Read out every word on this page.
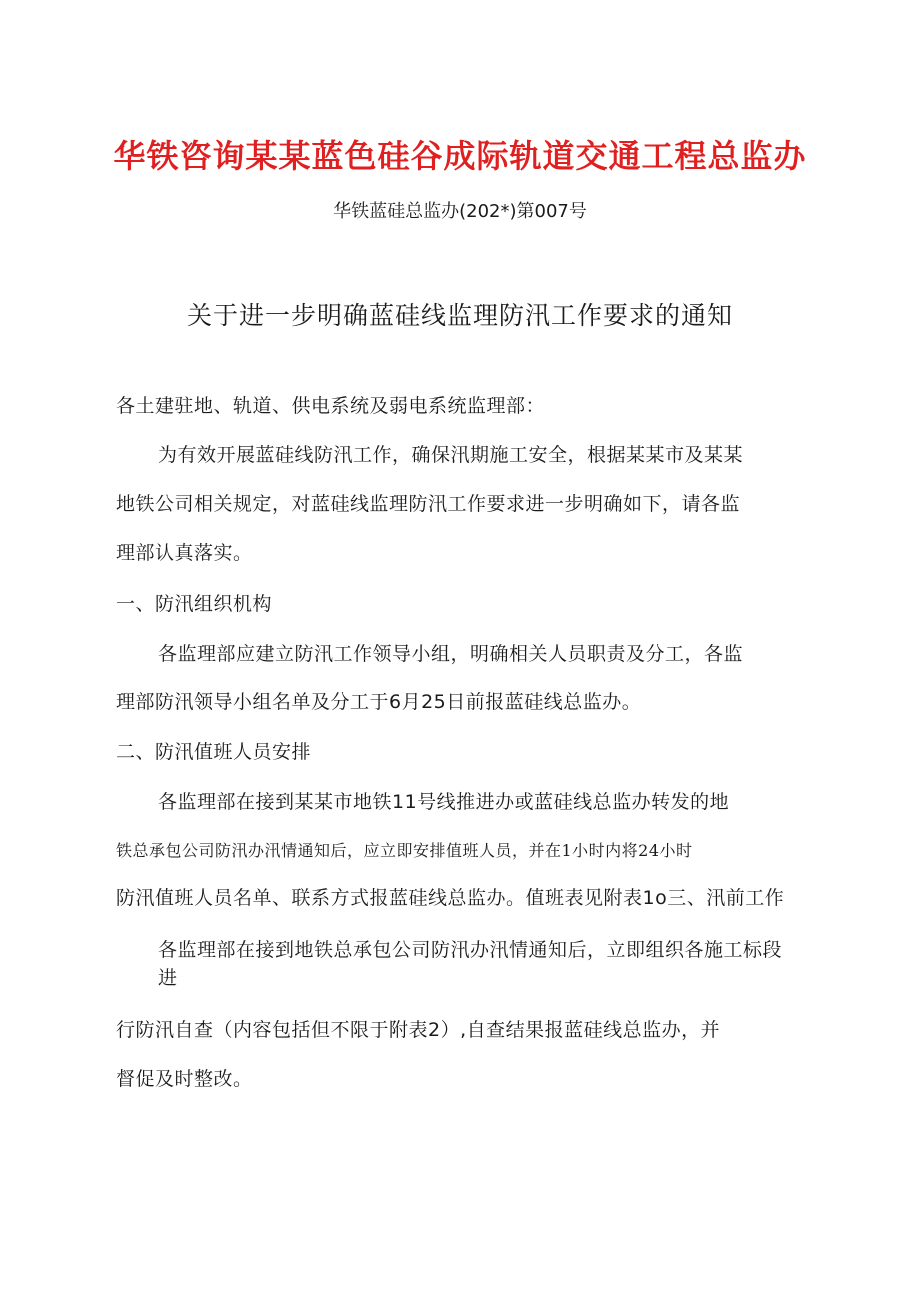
华铁咨询某某蓝色硅谷成际轨道交通工程总监办
华铁蓝硅总监办(202*)第007号
关于进一步明确蓝硅线监理防汛工作要求的通知
各土建驻地、轨道、供电系统及弱电系统监理部：
为有效开展蓝硅线防汛工作，确保汛期施工安全，根据某某市及某某
地铁公司相关规定，对蓝硅线监理防汛工作要求进一步明确如下，请各监
理部认真落实。
一、防汛组织机构
各监理部应建立防汛工作领导小组，明确相关人员职责及分工，各监
理部防汛领导小组名单及分工于6月25日前报蓝硅线总监办。
二、防汛值班人员安排
各监理部在接到某某市地铁11号线推进办或蓝硅线总监办转发的地
铁总承包公司防汛办汛情通知后，应立即安排值班人员，并在1小时内将24小时
防汛值班人员名单、联系方式报蓝硅线总监办。值班表见附表1o三、汛前工作
各监理部在接到地铁总承包公司防汛办汛情通知后，立即组织各施工标段
进
行防汛自查（内容包括但不限于附表2）,自查结果报蓝硅线总监办，并
督促及时整改。
